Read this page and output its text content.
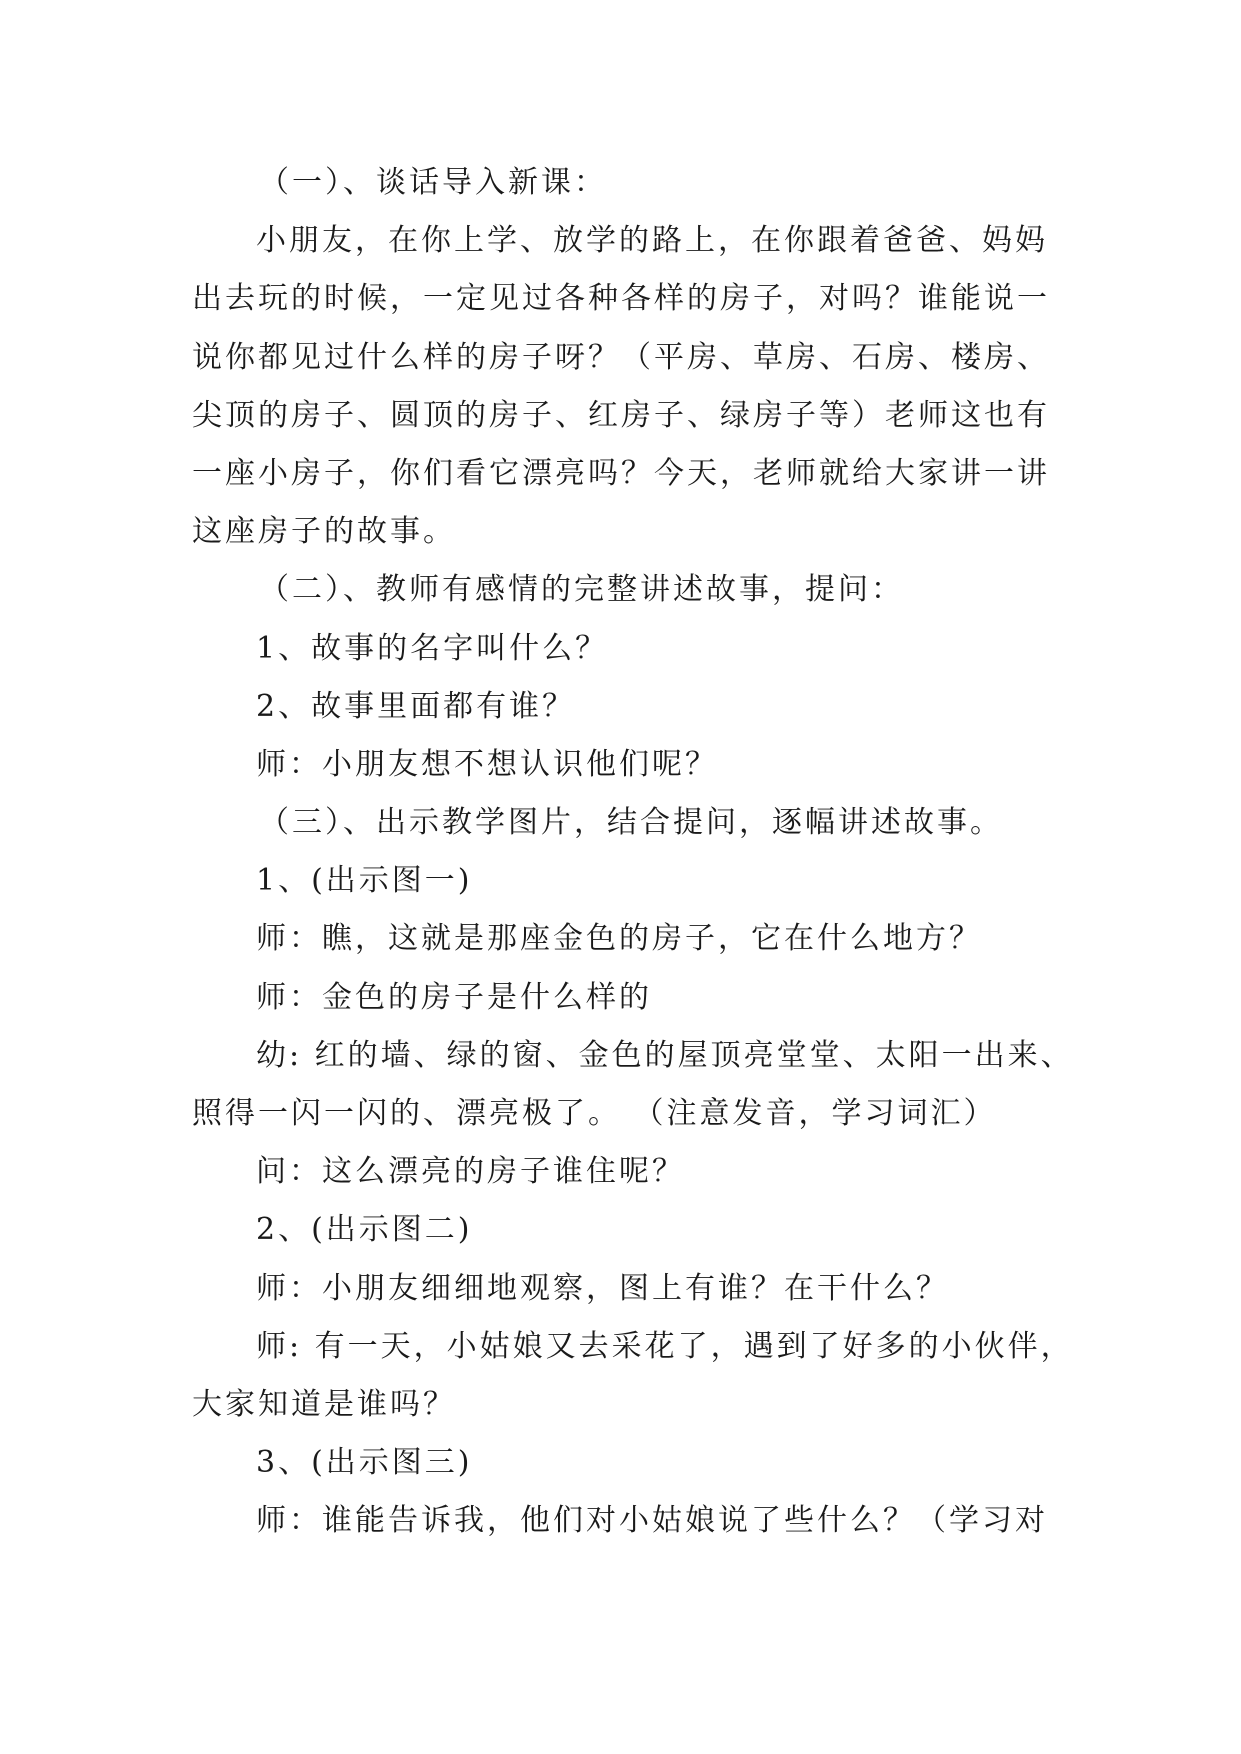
（一）、谈话导入新课：
小朋友，在你上学、放学的路上，在你跟着爸爸、妈妈
出去玩的时候，一定见过各种各样的房子，对吗？谁能说一
说你都见过什么样的房子呀？（平房、草房、石房、楼房、
尖顶的房子、圆顶的房子、红房子、绿房子等）老师这也有
一座小房子，你们看它漂亮吗？今天，老师就给大家讲一讲
这座房子的故事。
（二）、教师有感情的完整讲述故事，提问：
1、故事的名字叫什么？
2、故事里面都有谁？
师：小朋友想不想认识他们呢？
（三）、出示教学图片，结合提问，逐幅讲述故事。
1、(出示图一)
师：瞧，这就是那座金色的房子，它在什么地方？
师：金色的房子是什么样的
幼: 红的墙、绿的窗、金色的屋顶亮堂堂、太阳一出来、
照得一闪一闪的、漂亮极了。 （注意发音，学习词汇）
问：这么漂亮的房子谁住呢？
2、(出示图二)
师：小朋友细细地观察，图上有谁？在干什么？
师: 有一天，小姑娘又去采花了，遇到了好多的小伙伴，
大家知道是谁吗？
3、(出示图三)
师：谁能告诉我，他们对小姑娘说了些什么？（学习对
